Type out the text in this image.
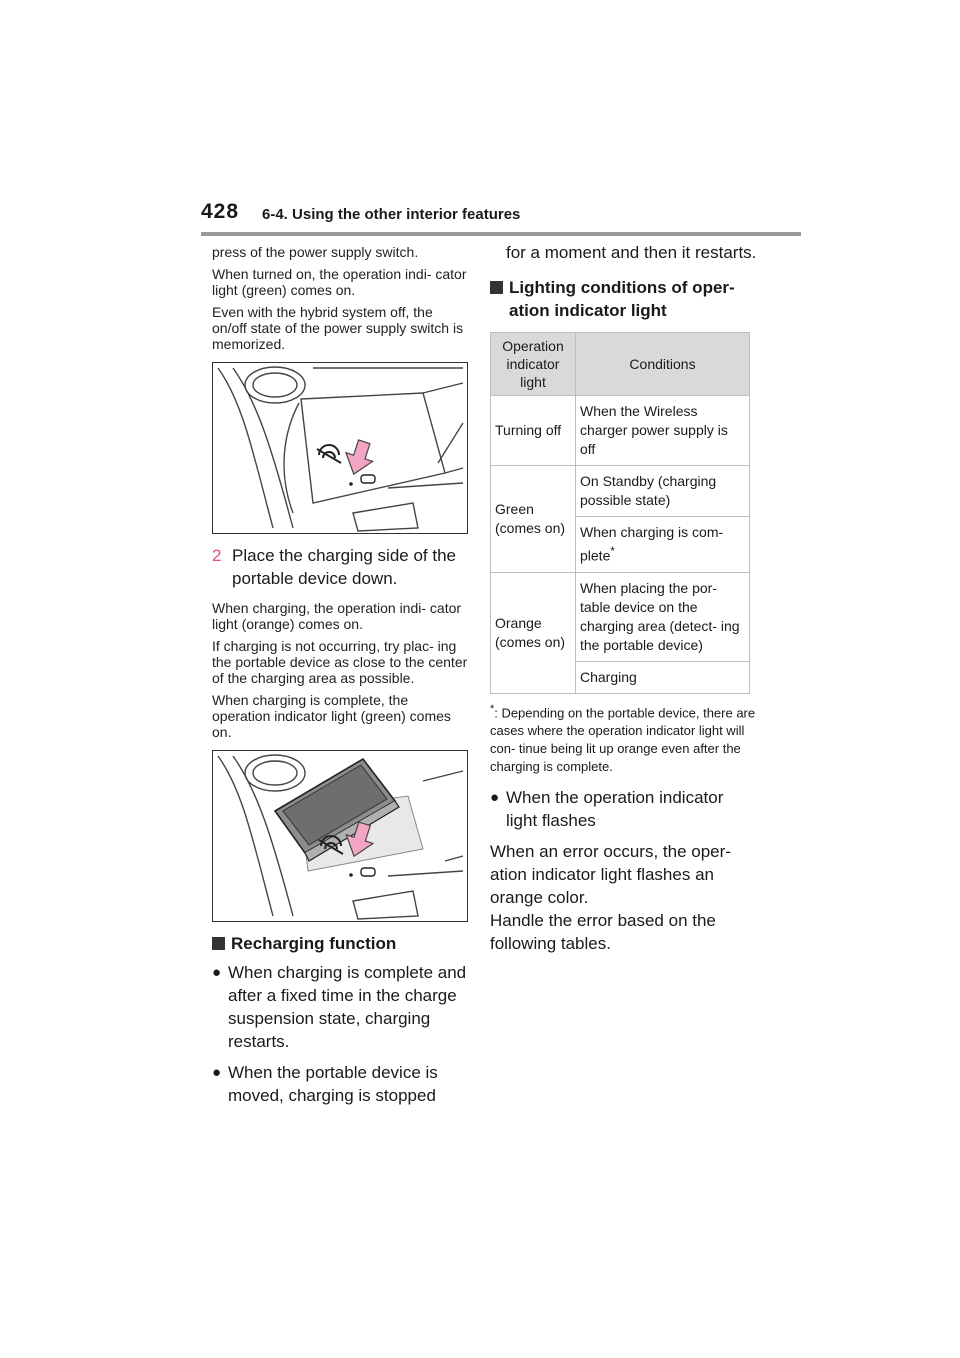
428 6-4. Using the other interior features

press of the power supply switch.

When turned on, the operation indi- cator light (green) comes on.

Even with the hybrid system off, the on/off state of the power supply switch is memorized.

2 Place the charging side of the portable device down.

When charging, the operation indi- cator light (orange) comes on.

If charging is not occurring, try plac- ing the portable device as close to the center of the charging area as possible.

When charging is complete, the operation indicator light (green) comes on.

Recharging function
● When charging is complete and after a fixed time in the charge suspension state, charging restarts.
● When the portable device is moved, charging is stopped

for a moment and then it restarts.

Lighting conditions of oper- ation indicator light
Operation indicator light	Conditions
Turning off	When the Wireless charger power supply is off
Green (comes on)	On Standby (charging possible state)
	When charging is com- plete*
Orange (comes on)	When placing the por- table device on the charging area (detect- ing the portable device)
	Charging
*: Depending on the portable device, there are cases where the operation indicator light will con- tinue being lit up orange even after the charging is complete.
● When the operation indicator light flashes

When an error occurs, the oper- ation indicator light flashes an orange color.

Handle the error based on the following tables.
